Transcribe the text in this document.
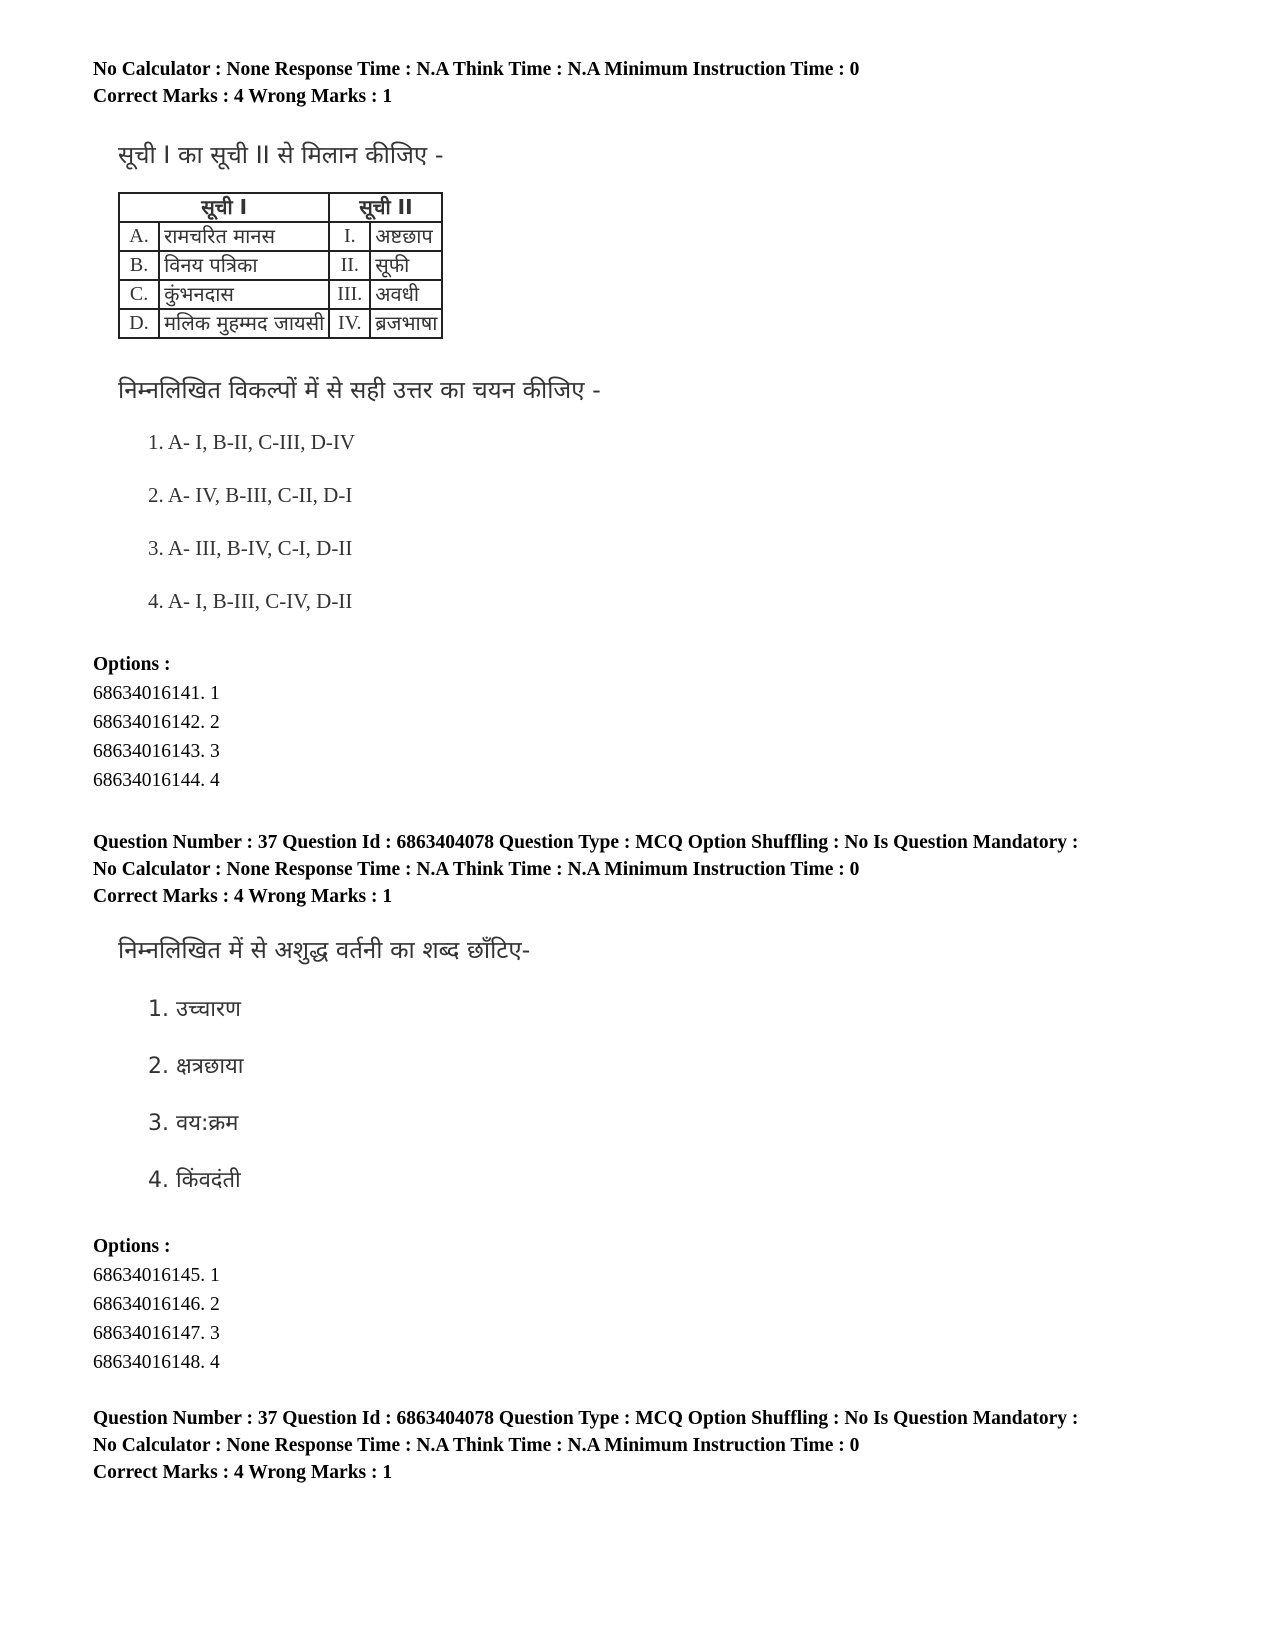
No Calculator : None Response Time : N.A Think Time : N.A Minimum Instruction Time : 0
Correct Marks : 4 Wrong Marks : 1
सूची I का सूची II से मिलान कीजिए -
सूची I		सूची II	
A.	रामचरित मानस	I.	अष्टछाप
B.	विनय पत्रिका	II.	सूफी
C.	कुंभनदास	III.	अवधी
D.	मलिक मुहम्मद जायसी	IV.	ब्रजभाषा
निम्नलिखित विकल्पों में से सही उत्तर का चयन कीजिए -
1. A- I, B-II, C-III, D-IV
2. A- IV, B-III, C-II, D-I
3. A- III, B-IV, C-I, D-II
4. A- I, B-III, C-IV, D-II
Options :
68634016141. 1
68634016142. 2
68634016143. 3
68634016144. 4
Question Number : 37 Question Id : 6863404078 Question Type : MCQ Option Shuffling : No Is Question Mandatory :
No Calculator : None Response Time : N.A Think Time : N.A Minimum Instruction Time : 0
Correct Marks : 4 Wrong Marks : 1
निम्नलिखित में से अशुद्ध वर्तनी का शब्द छाँटिए-
1. उच्चारण
2. क्षत्रछाया
3. वय:क्रम
4. किंवदंती
Options :
68634016145. 1
68634016146. 2
68634016147. 3
68634016148. 4
Question Number : 37 Question Id : 6863404078 Question Type : MCQ Option Shuffling : No Is Question Mandatory :
No Calculator : None Response Time : N.A Think Time : N.A Minimum Instruction Time : 0
Correct Marks : 4 Wrong Marks : 1
